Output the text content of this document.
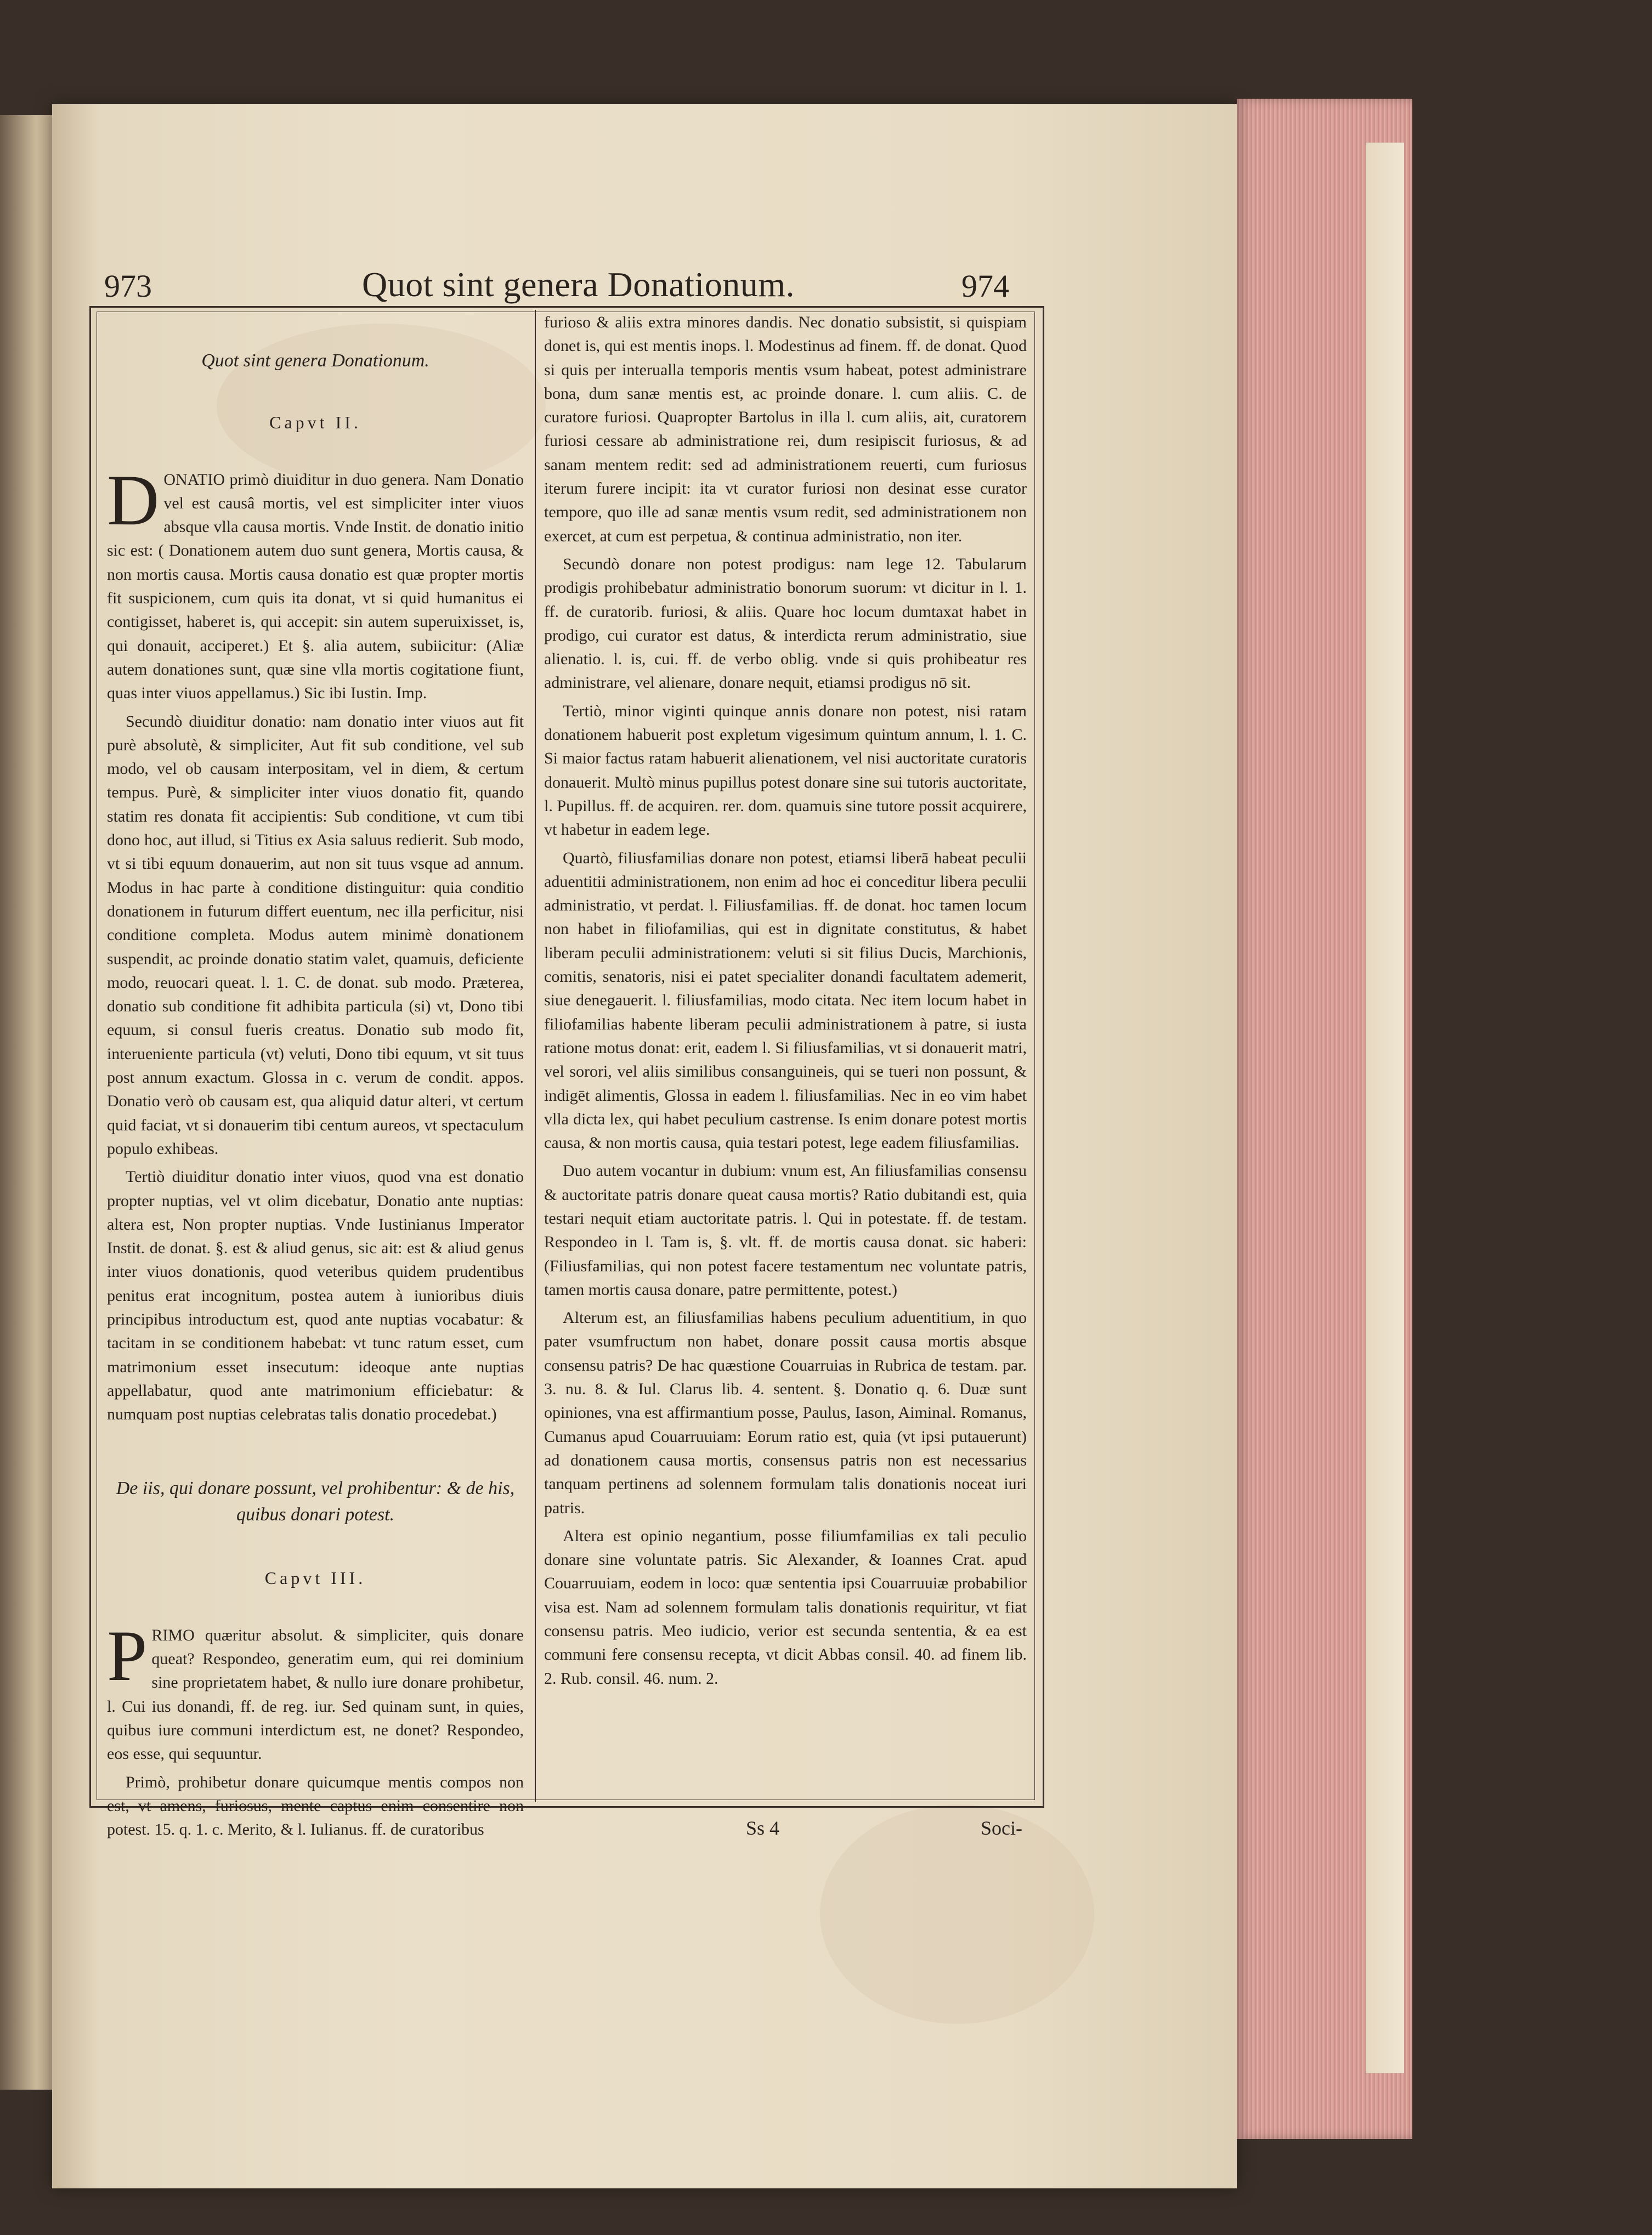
973	Quot sint genera Donationum.	974
Quot sint genera Donationum.
Capvt II.

DONATIO primò diuiditur in duo genera. Nam Donatio vel est causâ mortis, vel est simpliciter inter viuos absque vlla causa mortis. Vnde Instit. de donatio initio sic est: ( Donationem autem duo sunt genera, Mortis causa, & non mortis causa. Mortis causa donatio est quæ propter mortis fit suspicionem, cum quis ita donat, vt si quid humanitus ei contigisset, haberet is, qui accepit: sin autem superuixisset, is, qui donauit, acciperet.) Et §. alia autem, subiicitur: (Aliæ autem donationes sunt, quæ sine vlla mortis cogitatione fiunt, quas inter viuos appellamus.) Sic ibi Iustin. Imp.

Secundò diuiditur donatio: nam donatio inter viuos aut fit purè absolutè, & simpliciter, Aut fit sub conditione, vel sub modo, vel ob causam interpositam, vel in diem, & certum tempus. Purè, & simpliciter inter viuos donatio fit, quando statim res donata fit accipientis: Sub conditione, vt cum tibi dono hoc, aut illud, si Titius ex Asia saluus redierit. Sub modo, vt si tibi equum donauerim, aut non sit tuus vsque ad annum. Modus in hac parte à conditione distinguitur: quia conditio donationem in futurum differt euentum, nec illa perficitur, nisi conditione completa. Modus autem minimè donationem suspendit, ac proinde donatio statim valet, quamuis, deficiente modo, reuocari queat. l. 1. C. de donat. sub modo. Præterea, donatio sub conditione fit adhibita particula (si) vt, Dono tibi equum, si consul fueris creatus. Donatio sub modo fit, interueniente particula (vt) veluti, Dono tibi equum, vt sit tuus post annum exactum. Glossa in c. verum de condit. appos. Donatio verò ob causam est, qua aliquid datur alteri, vt certum quid faciat, vt si donauerim tibi centum aureos, vt spectaculum populo exhibeas.

Tertiò diuiditur donatio inter viuos, quod vna est donatio propter nuptias, vel vt olim dicebatur, Donatio ante nuptias: altera est, Non propter nuptias. Vnde Iustinianus Imperator Instit. de donat. §. est & aliud genus, sic ait: est & aliud genus inter viuos donationis, quod veteribus quidem prudentibus penitus erat incognitum, postea autem à iunioribus diuis principibus introductum est, quod ante nuptias vocabatur: & tacitam in se conditionem habebat: vt tunc ratum esset, cum matrimonium esset insecutum: ideoque ante nuptias appellabatur, quod ante matrimonium efficiebatur: & numquam post nuptias celebratas talis donatio procedebat.)

De iis, qui donare possunt, vel prohibentur: & de his, quibus donari potest.
Capvt III.

PRIMO quæritur absolut. & simpliciter, quis donare queat? Respondeo, generatim eum, qui rei dominium sine proprietatem habet, & nullo iure donare prohibetur, l. Cui ius donandi, ff. de reg. iur. Sed quinam sunt, in quies, quibus iure communi interdictum est, ne donet? Respondeo, eos esse, qui sequuntur.

Primò, prohibetur donare quicumque mentis compos non est, vt amens, furiosus, mente captus enim consentire non potest. 15. q. 1. c. Merito, & l. Iulianus. ff. de curatoribus

furioso & aliis extra minores dandis. Nec donatio subsistit, si quispiam donet is, qui est mentis inops. l. Modestinus ad finem. ff. de donat. Quod si quis per interualla temporis mentis vsum habeat, potest administrare bona, dum sanæ mentis est, ac proinde donare. l. cum aliis. C. de curatore furiosi. Quapropter Bartolus in illa l. cum aliis, ait, curatorem furiosi cessare ab administratione rei, dum resipiscit furiosus, & ad sanam mentem redit: sed ad administrationem reuerti, cum furiosus iterum furere incipit: ita vt curator furiosi non desinat esse curator tempore, quo ille ad sanæ mentis vsum redit, sed administrationem non exercet, at cum est perpetua, & continua administratio, non iter.

Secundò donare non potest prodigus: nam lege 12. Tabularum prodigis prohibebatur administratio bonorum suorum: vt dicitur in l. 1. ff. de curatorib. furiosi, & aliis. Quare hoc locum dumtaxat habet in prodigo, cui curator est datus, & interdicta rerum administratio, siue alienatio. l. is, cui. ff. de verbo oblig. vnde si quis prohibeatur res administrare, vel alienare, donare nequit, etiamsi prodigus nō sit.

Tertiò, minor viginti quinque annis donare non potest, nisi ratam donationem habuerit post expletum vigesimum quintum annum, l. 1. C. Si maior factus ratam habuerit alienationem, vel nisi auctoritate curatoris donauerit. Multò minus pupillus potest donare sine sui tutoris auctoritate, l. Pupillus. ff. de acquiren. rer. dom. quamuis sine tutore possit acquirere, vt habetur in eadem lege.

Quartò, filiusfamilias donare non potest, etiamsi liberā habeat peculii aduentitii administrationem, non enim ad hoc ei conceditur libera peculii administratio, vt perdat. l. Filiusfamilias. ff. de donat. hoc tamen locum non habet in filiofamilias, qui est in dignitate constitutus, & habet liberam peculii administrationem: veluti si sit filius Ducis, Marchionis, comitis, senatoris, nisi ei patet specialiter donandi facultatem ademerit, siue denegauerit. l. filiusfamilias, modo citata. Nec item locum habet in filiofamilias habente liberam peculii administrationem à patre, si iusta ratione motus donat: erit, eadem l. Si filiusfamilias, vt si donauerit matri, vel sorori, vel aliis similibus consanguineis, qui se tueri non possunt, & indigēt alimentis, Glossa in eadem l. filiusfamilias. Nec in eo vim habet vlla dicta lex, qui habet peculium castrense. Is enim donare potest mortis causa, & non mortis causa, quia testari potest, lege eadem filiusfamilias.

Duo autem vocantur in dubium: vnum est, An filiusfamilias consensu & auctoritate patris donare queat causa mortis? Ratio dubitandi est, quia testari nequit etiam auctoritate patris. l. Qui in potestate. ff. de testam. Respondeo in l. Tam is, §. vlt. ff. de mortis causa donat. sic haberi: (Filiusfamilias, qui non potest facere testamentum nec voluntate patris, tamen mortis causa donare, patre permittente, potest.)

Alterum est, an filiusfamilias habens peculium aduentitium, in quo pater vsumfructum non habet, donare possit causa mortis absque consensu patris? De hac quæstione Couarruias in Rubrica de testam. par. 3. nu. 8. & Iul. Clarus lib. 4. sentent. §. Donatio q. 6. Duæ sunt opiniones, vna est affirmantium posse, Paulus, Iason, Aiminal. Romanus, Cumanus apud Couarruuiam: Eorum ratio est, quia (vt ipsi putauerunt) ad donationem causa mortis, consensus patris non est necessarius tanquam pertinens ad solennem formulam talis donationis noceat iuri patris.

Altera est opinio negantium, posse filiumfamilias ex tali peculio donare sine voluntate patris. Sic Alexander, & Ioannes Crat. apud Couarruuiam, eodem in loco: quæ sententia ipsi Couarruuiæ probabilior visa est. Nam ad solennem formulam talis donationis requiritur, vt fiat consensu patris. Meo iudicio, verior est secunda sententia, & ea est communi fere consensu recepta, vt dicit Abbas consil. 40. ad finem lib. 2. Rub. consil. 46. num. 2.

Ss 4	Soci-
